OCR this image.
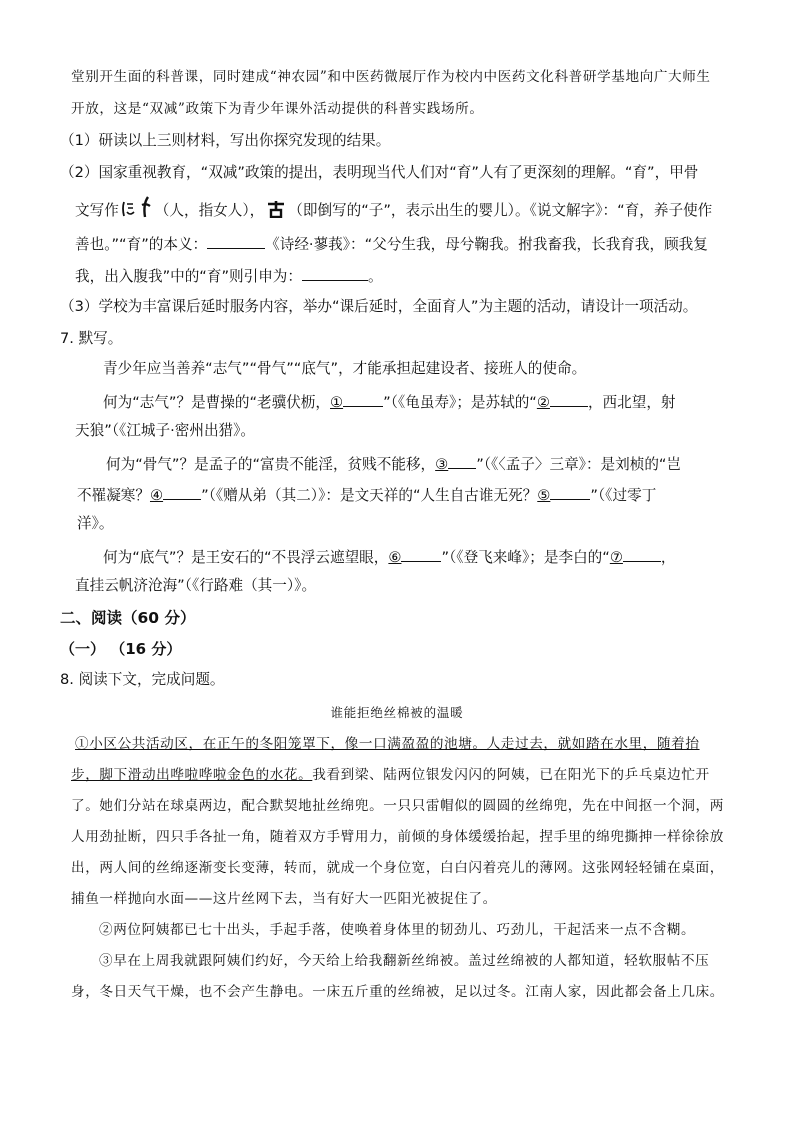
堂别开生面的科普课，同时建成“神农园”和中医药微展厅作为校内中医药文化科普研学基地向广大师生
开放，这是“双减”政策下为青少年课外活动提供的科普实践场所。
（1）研读以上三则材料，写出你探究发现的结果。
（2）国家重视教育，“双减”政策的提出，表明现当代人们对“育”人有了更深刻的理解。“育”，甲骨
文写作 （人，指女人）， （即倒写的“子”，表示出生的婴儿）。《说文解字》：“育，养子使作
善也。”“育”的本义：	《诗经·蓼莪》：“父兮生我，母兮鞠我。拊我畜我，长我育我，顾我复
我，出入腹我”中的“育”则引申为：	。
（3）学校为丰富课后延时服务内容，举办“课后延时，全面育人”为主题的活动，请设计一项活动。
7. 默写。
青少年应当善养“志气”“骨气”“底气”，才能承担起建设者、接班人的使命。
何为“志气”？是曹操的“老骥伏枥，①	”（《龟虽寿》；是苏轼的“②	，西北望，射
天狼”（《江城子·密州出猎》。
何为“骨气”？是孟子的“富贵不能淫，贫贱不能移，③ ”（《〈孟子〉三章》：是刘桢的“岂
不罹凝寒？④	”（《赠从弟（其二）》：是文天祥的“人生自古谁无死？⑤	”（《过零丁
洋》。
何为“底气”？是王安石的“不畏浮云遮望眼，⑥	”（《登飞来峰》；是李白的“⑦	，
直挂云帆济沧海”（《行路难（其一）》。
二、阅读（60 分）
（一） （16 分）
8. 阅读下文，完成问题。
谁能拒绝丝棉被的温暖
①小区公共活动区，在正午的冬阳笼罩下，像一口满盈盈的池塘。人走过去，就如踏在水里，随着抬
步，脚下滑动出哗啦哗啦金色的水花。我看到梁、陆两位银发闪闪的阿姨，已在阳光下的乒乓桌边忙开
了。她们分站在球桌两边，配合默契地扯丝绵兜。一只只雷帽似的圆圆的丝绵兜，先在中间抠一个洞，两
人用劲扯断，四只手各扯一角，随着双方手臂用力，前倾的身体缓缓抬起，捏手里的绵兜撕抻一样徐徐放
出，两人间的丝绵逐渐变长变薄，转而，就成一个身位宽，白白闪着亮儿的薄网。这张网轻轻铺在桌面，
捕鱼一样抛向水面——这片丝网下去，当有好大一匹阳光被捉住了。
②两位阿姨都已七十出头，手起手落，使唤着身体里的韧劲儿、巧劲儿，干起活来一点不含糊。
③早在上周我就跟阿姨们约好，今天给上给我翻新丝绵被。盖过丝绵被的人都知道，轻软服帖不压
身，冬日天气干燥，也不会产生静电。一床五斤重的丝绵被，足以过冬。江南人家，因此都会备上几床。
